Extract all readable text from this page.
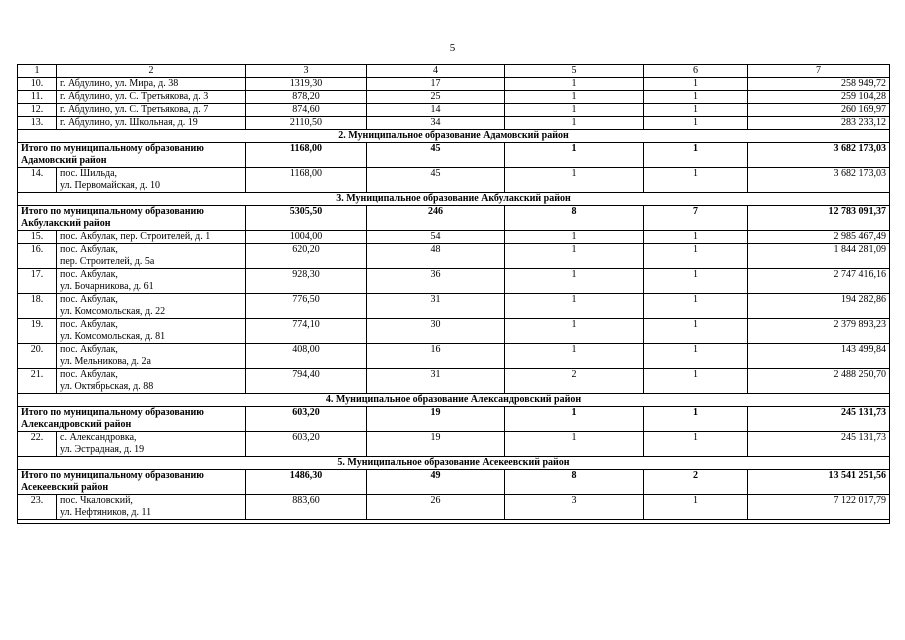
5
1	2	3	4	5	6	7
10.	г. Абдулино, ул. Мира, д. 38	1319,30	17	1	1	258 949,72
11.	г. Абдулино, ул. С. Третьякова, д. 3	878,20	25	1	1	259 104,28
12.	г. Абдулино, ул. С. Третьякова, д. 7	874,60	14	1	1	260 169,97
13.	г. Абдулино, ул. Школьная, д. 19	2110,50	34	1	1	283 233,12
2. Муниципальное образование Адамовский район						
Итого по муниципальному образованию Адамовский район		1168,00	45	1	1	3 682 173,03
14.	пос. Шильда,
ул. Первомайская, д. 10	1168,00	45	1	1	3 682 173,03
3. Муниципальное образование Акбулакский район						
Итого по муниципальному образованию Акбулакский район		5305,50	246	8	7	12 783 091,37
15.	пос. Акбулак, пер. Строителей, д. 1	1004,00	54	1	1	2 985 467,49
16.	пос. Акбулак,
пер. Строителей, д. 5а	620,20	48	1	1	1 844 281,09
17.	пос. Акбулак,
ул. Бочарникова, д. 61	928,30	36	1	1	2 747 416,16
18.	пос. Акбулак,
ул. Комсомольская, д. 22	776,50	31	1	1	194 282,86
19.	пос. Акбулак,
ул. Комсомольская, д. 81	774,10	30	1	1	2 379 893,23
20.	пос. Акбулак,
ул. Мельникова, д. 2а	408,00	16	1	1	143 499,84
21.	пос. Акбулак,
ул. Октябрьская, д. 88	794,40	31	2	1	2 488 250,70
4. Муниципальное образование Александровский район						
Итого по муниципальному образованию Александровский район		603,20	19	1	1	245 131,73
22.	с. Александровка,
ул. Эстрадная, д. 19	603,20	19	1	1	245 131,73
5. Муниципальное образование Асекеевский район						
Итого по муниципальному образованию Асекеевский район		1486,30	49	8	2	13 541 251,56
23.	пос. Чкаловский,
ул. Нефтяников, д. 11	883,60	26	3	1	7 122 017,79
